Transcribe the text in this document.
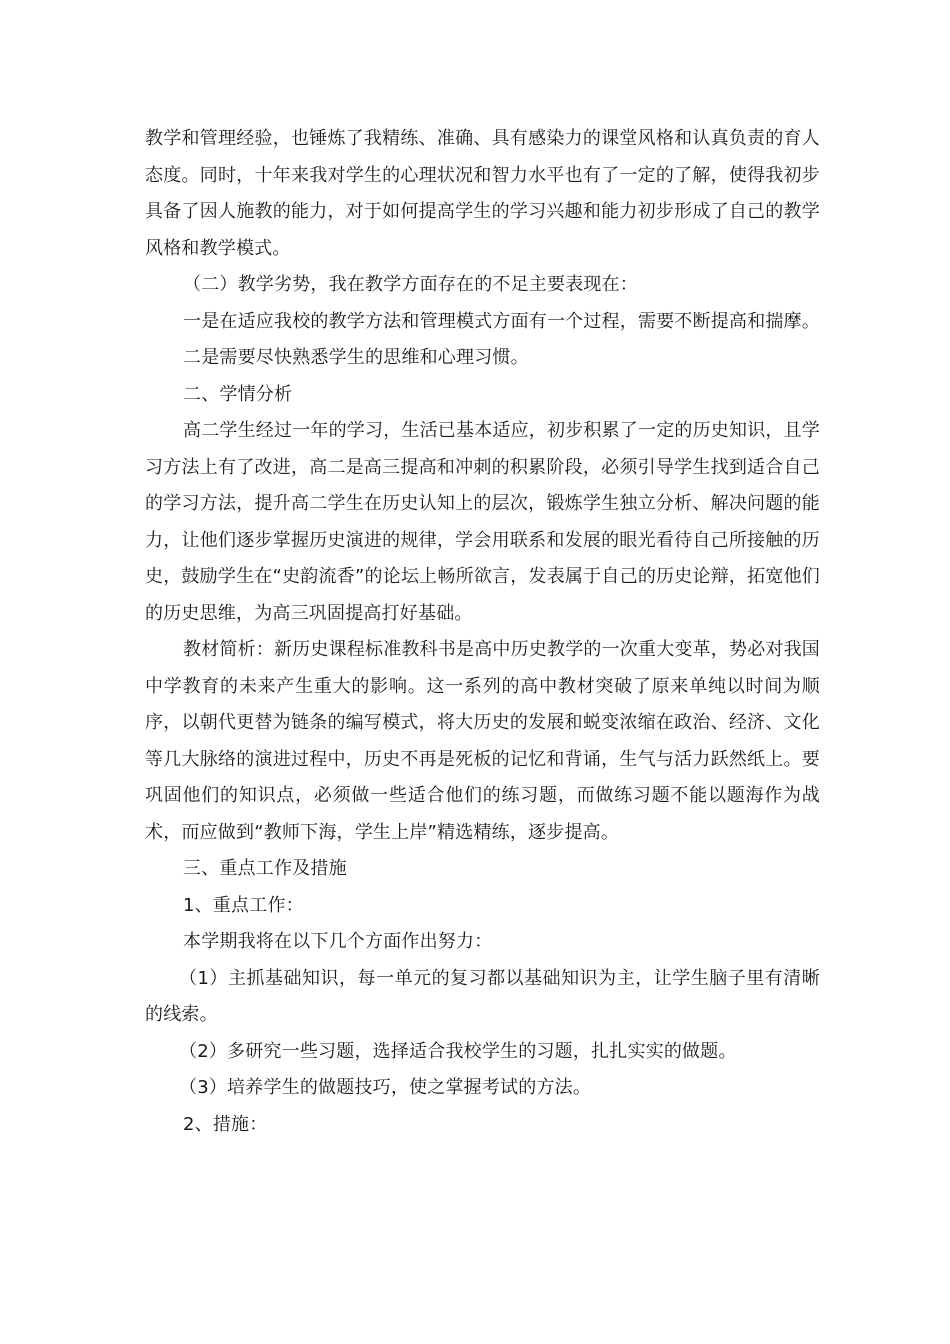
教学和管理经验，也锤炼了我精练、准确、具有感染力的课堂风格和认真负责的育人态度。同时，十年来我对学生的心理状况和智力水平也有了一定的了解，使得我初步具备了因人施教的能力，对于如何提高学生的学习兴趣和能力初步形成了自己的教学风格和教学模式。

（二）教学劣势，我在教学方面存在的不足主要表现在：

一是在适应我校的教学方法和管理模式方面有一个过程，需要不断提高和揣摩。

二是需要尽快熟悉学生的思维和心理习惯。

二、学情分析

高二学生经过一年的学习，生活已基本适应，初步积累了一定的历史知识，且学习方法上有了改进，高二是高三提高和冲刺的积累阶段，必须引导学生找到适合自己的学习方法，提升高二学生在历史认知上的层次，锻炼学生独立分析、解决问题的能力，让他们逐步掌握历史演进的规律，学会用联系和发展的眼光看待自己所接触的历史，鼓励学生在“史韵流香”的论坛上畅所欲言，发表属于自己的历史论辩，拓宽他们的历史思维，为高三巩固提高打好基础。

教材简析：新历史课程标准教科书是高中历史教学的一次重大变革，势必对我国中学教育的未来产生重大的影响。这一系列的高中教材突破了原来单纯以时间为顺序，以朝代更替为链条的编写模式，将大历史的发展和蜕变浓缩在政治、经济、文化等几大脉络的演进过程中，历史不再是死板的记忆和背诵，生气与活力跃然纸上。要巩固他们的知识点，必须做一些适合他们的练习题，而做练习题不能以题海作为战术，而应做到“教师下海，学生上岸”精选精练，逐步提高。

三、重点工作及措施

1、重点工作：

本学期我将在以下几个方面作出努力：

（1）主抓基础知识，每一单元的复习都以基础知识为主，让学生脑子里有清晰的线索。

（2）多研究一些习题，选择适合我校学生的习题，扎扎实实的做题。

（3）培养学生的做题技巧，使之掌握考试的方法。

2、措施：
